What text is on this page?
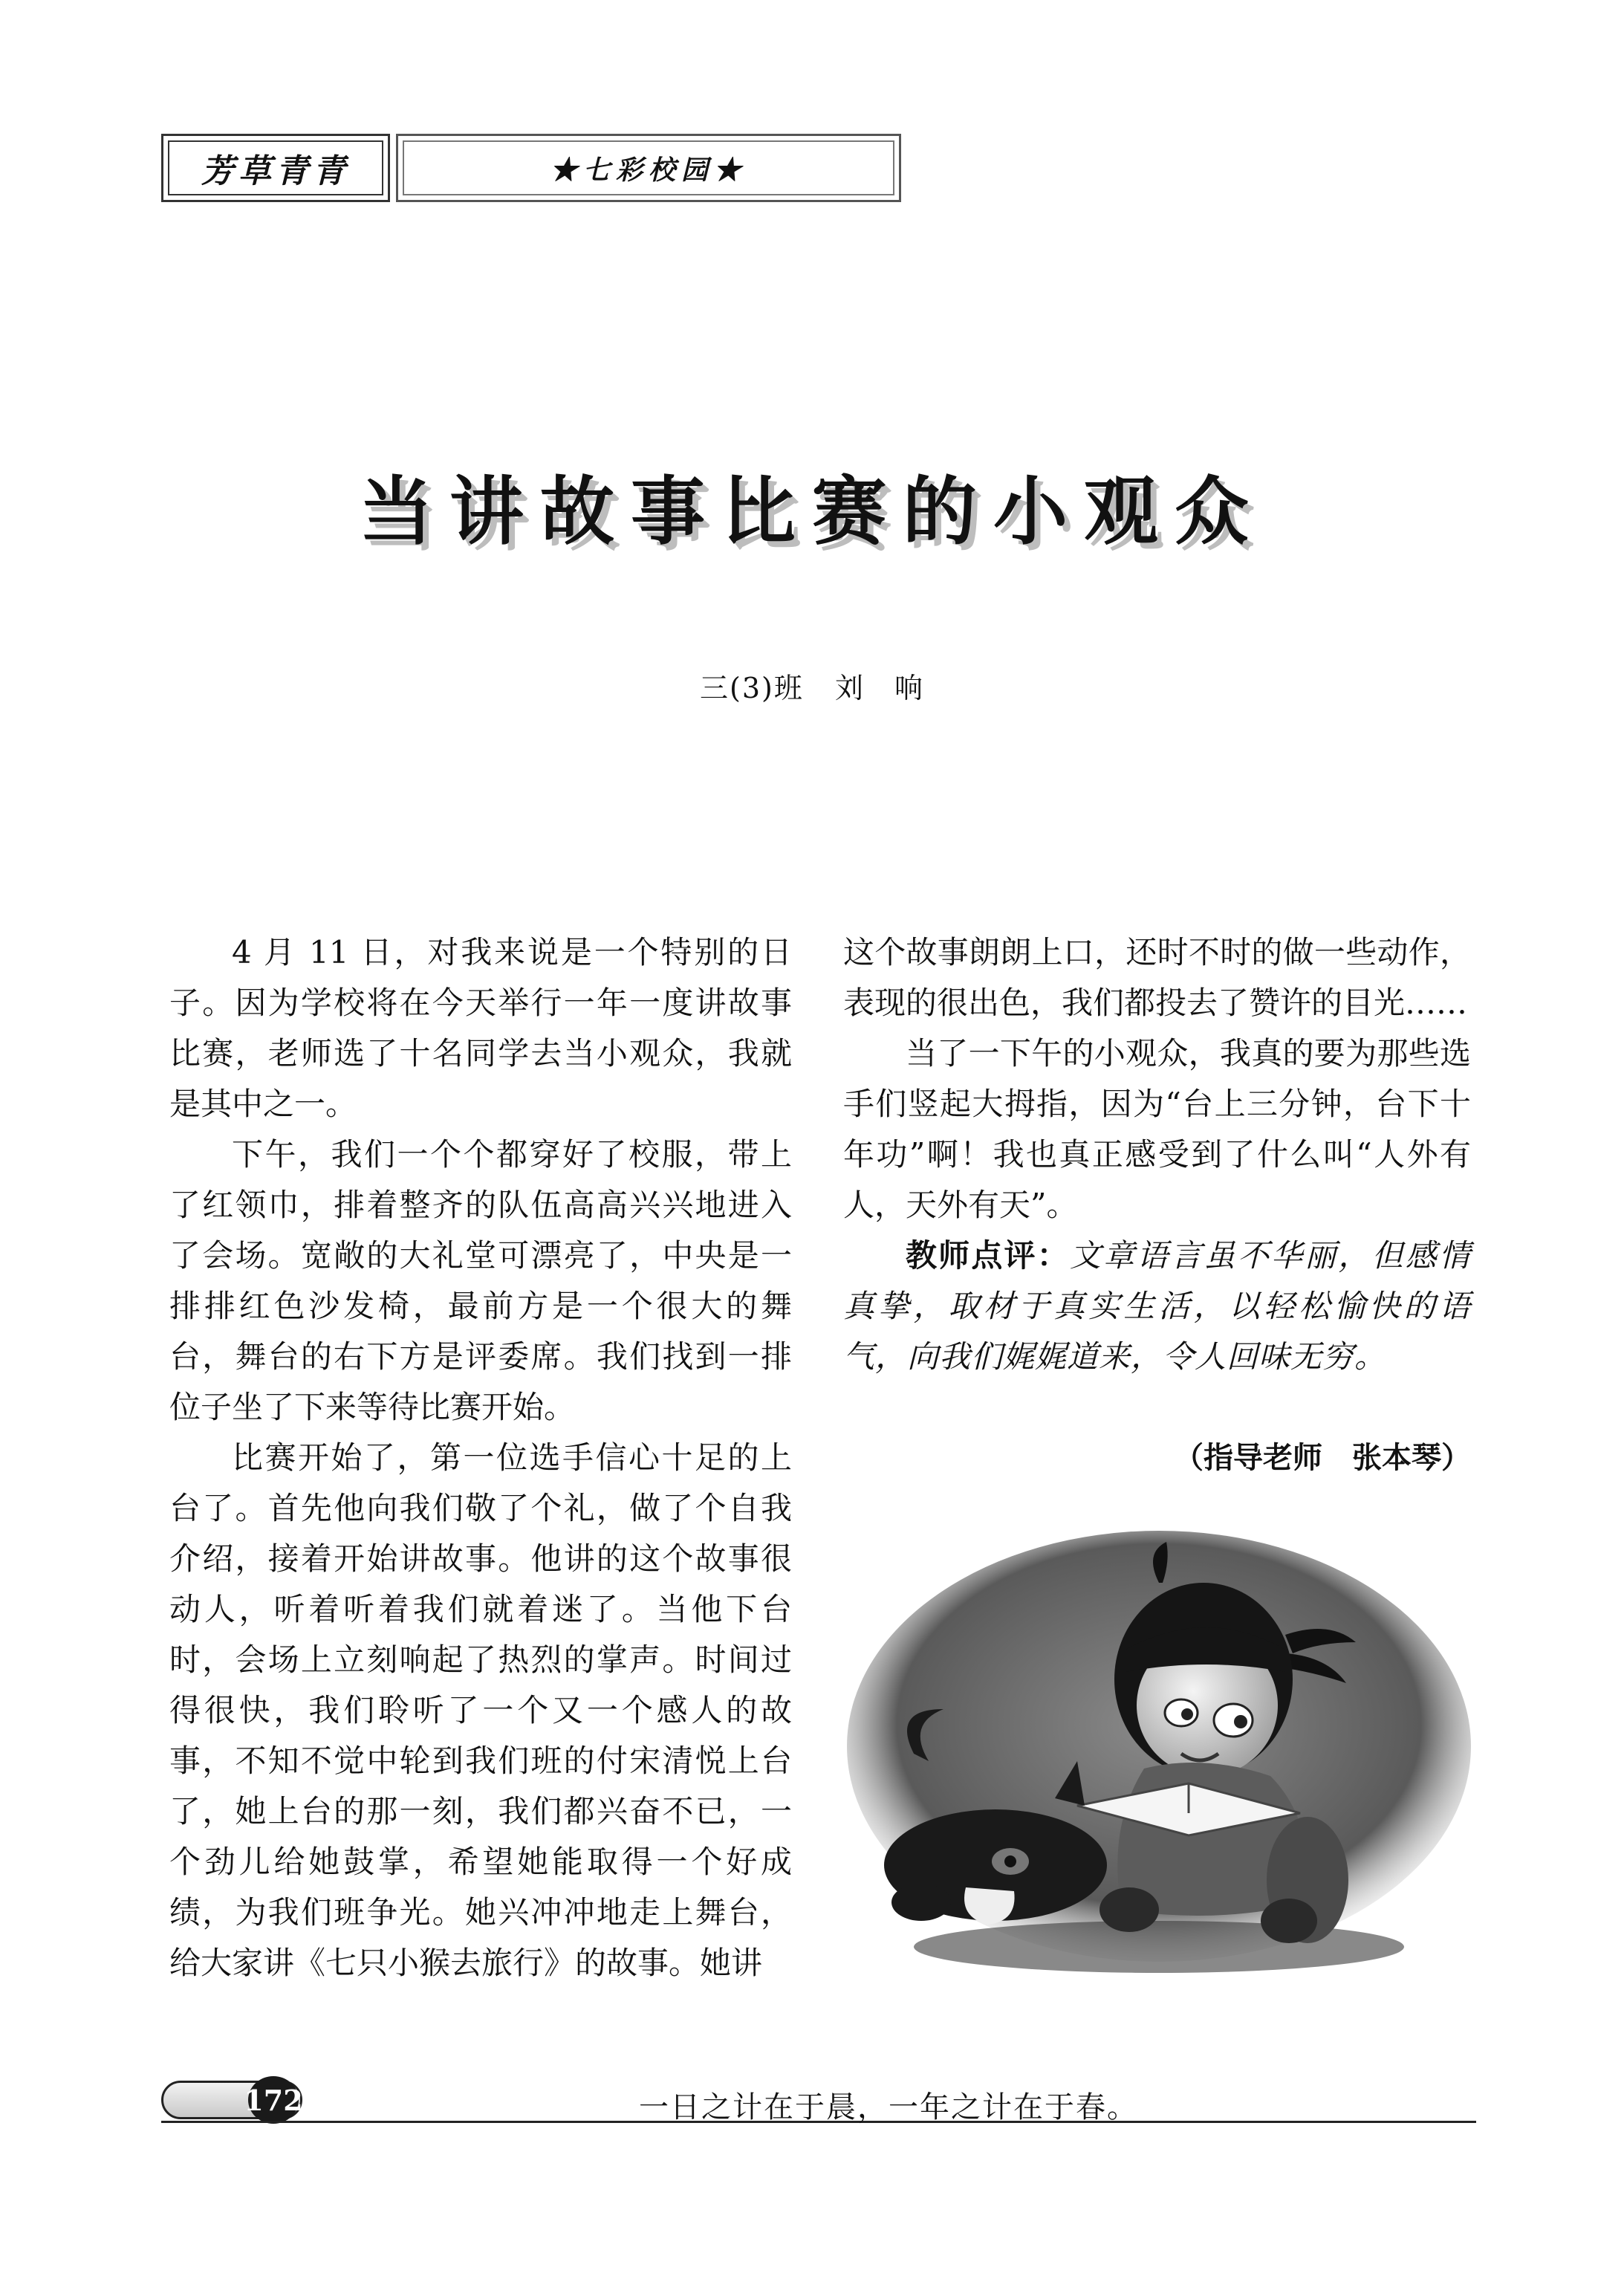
芳草青青	★七彩校园★
当讲故事比赛的小观众
三(3)班 刘　响

4 月 11 日，对我来说是一个特别的日子。因为学校将在今天举行一年一度讲故事比赛，老师选了十名同学去当小观众，我就是其中之一。

下午，我们一个个都穿好了校服，带上了红领巾，排着整齐的队伍高高兴兴地进入了会场。宽敞的大礼堂可漂亮了，中央是一排排红色沙发椅，最前方是一个很大的舞台，舞台的右下方是评委席。我们找到一排位子坐了下来等待比赛开始。

比赛开始了，第一位选手信心十足的上台了。首先他向我们敬了个礼，做了个自我介绍，接着开始讲故事。他讲的这个故事很动人，听着听着我们就着迷了。当他下台时，会场上立刻响起了热烈的掌声。时间过得很快，我们聆听了一个又一个感人的故事，不知不觉中轮到我们班的付宋清悦上台了，她上台的那一刻，我们都兴奋不已，一个劲儿给她鼓掌，希望她能取得一个好成绩，为我们班争光。她兴冲冲地走上舞台，给大家讲《七只小猴去旅行》的故事。她讲

这个故事朗朗上口，还时不时的做一些动作，表现的很出色，我们都投去了赞许的目光……

当了一下午的小观众，我真的要为那些选手们竖起大拇指，因为“台上三分钟，台下十年功”啊！我也真正感受到了什么叫“人外有人，天外有天”。

教师点评：文章语言虽不华丽，但感情真挚，取材于真实生活，以轻松愉快的语气，向我们娓娓道来，令人回味无穷。

（指导老师　张本琴）
172	一日之计在于晨，一年之计在于春。
